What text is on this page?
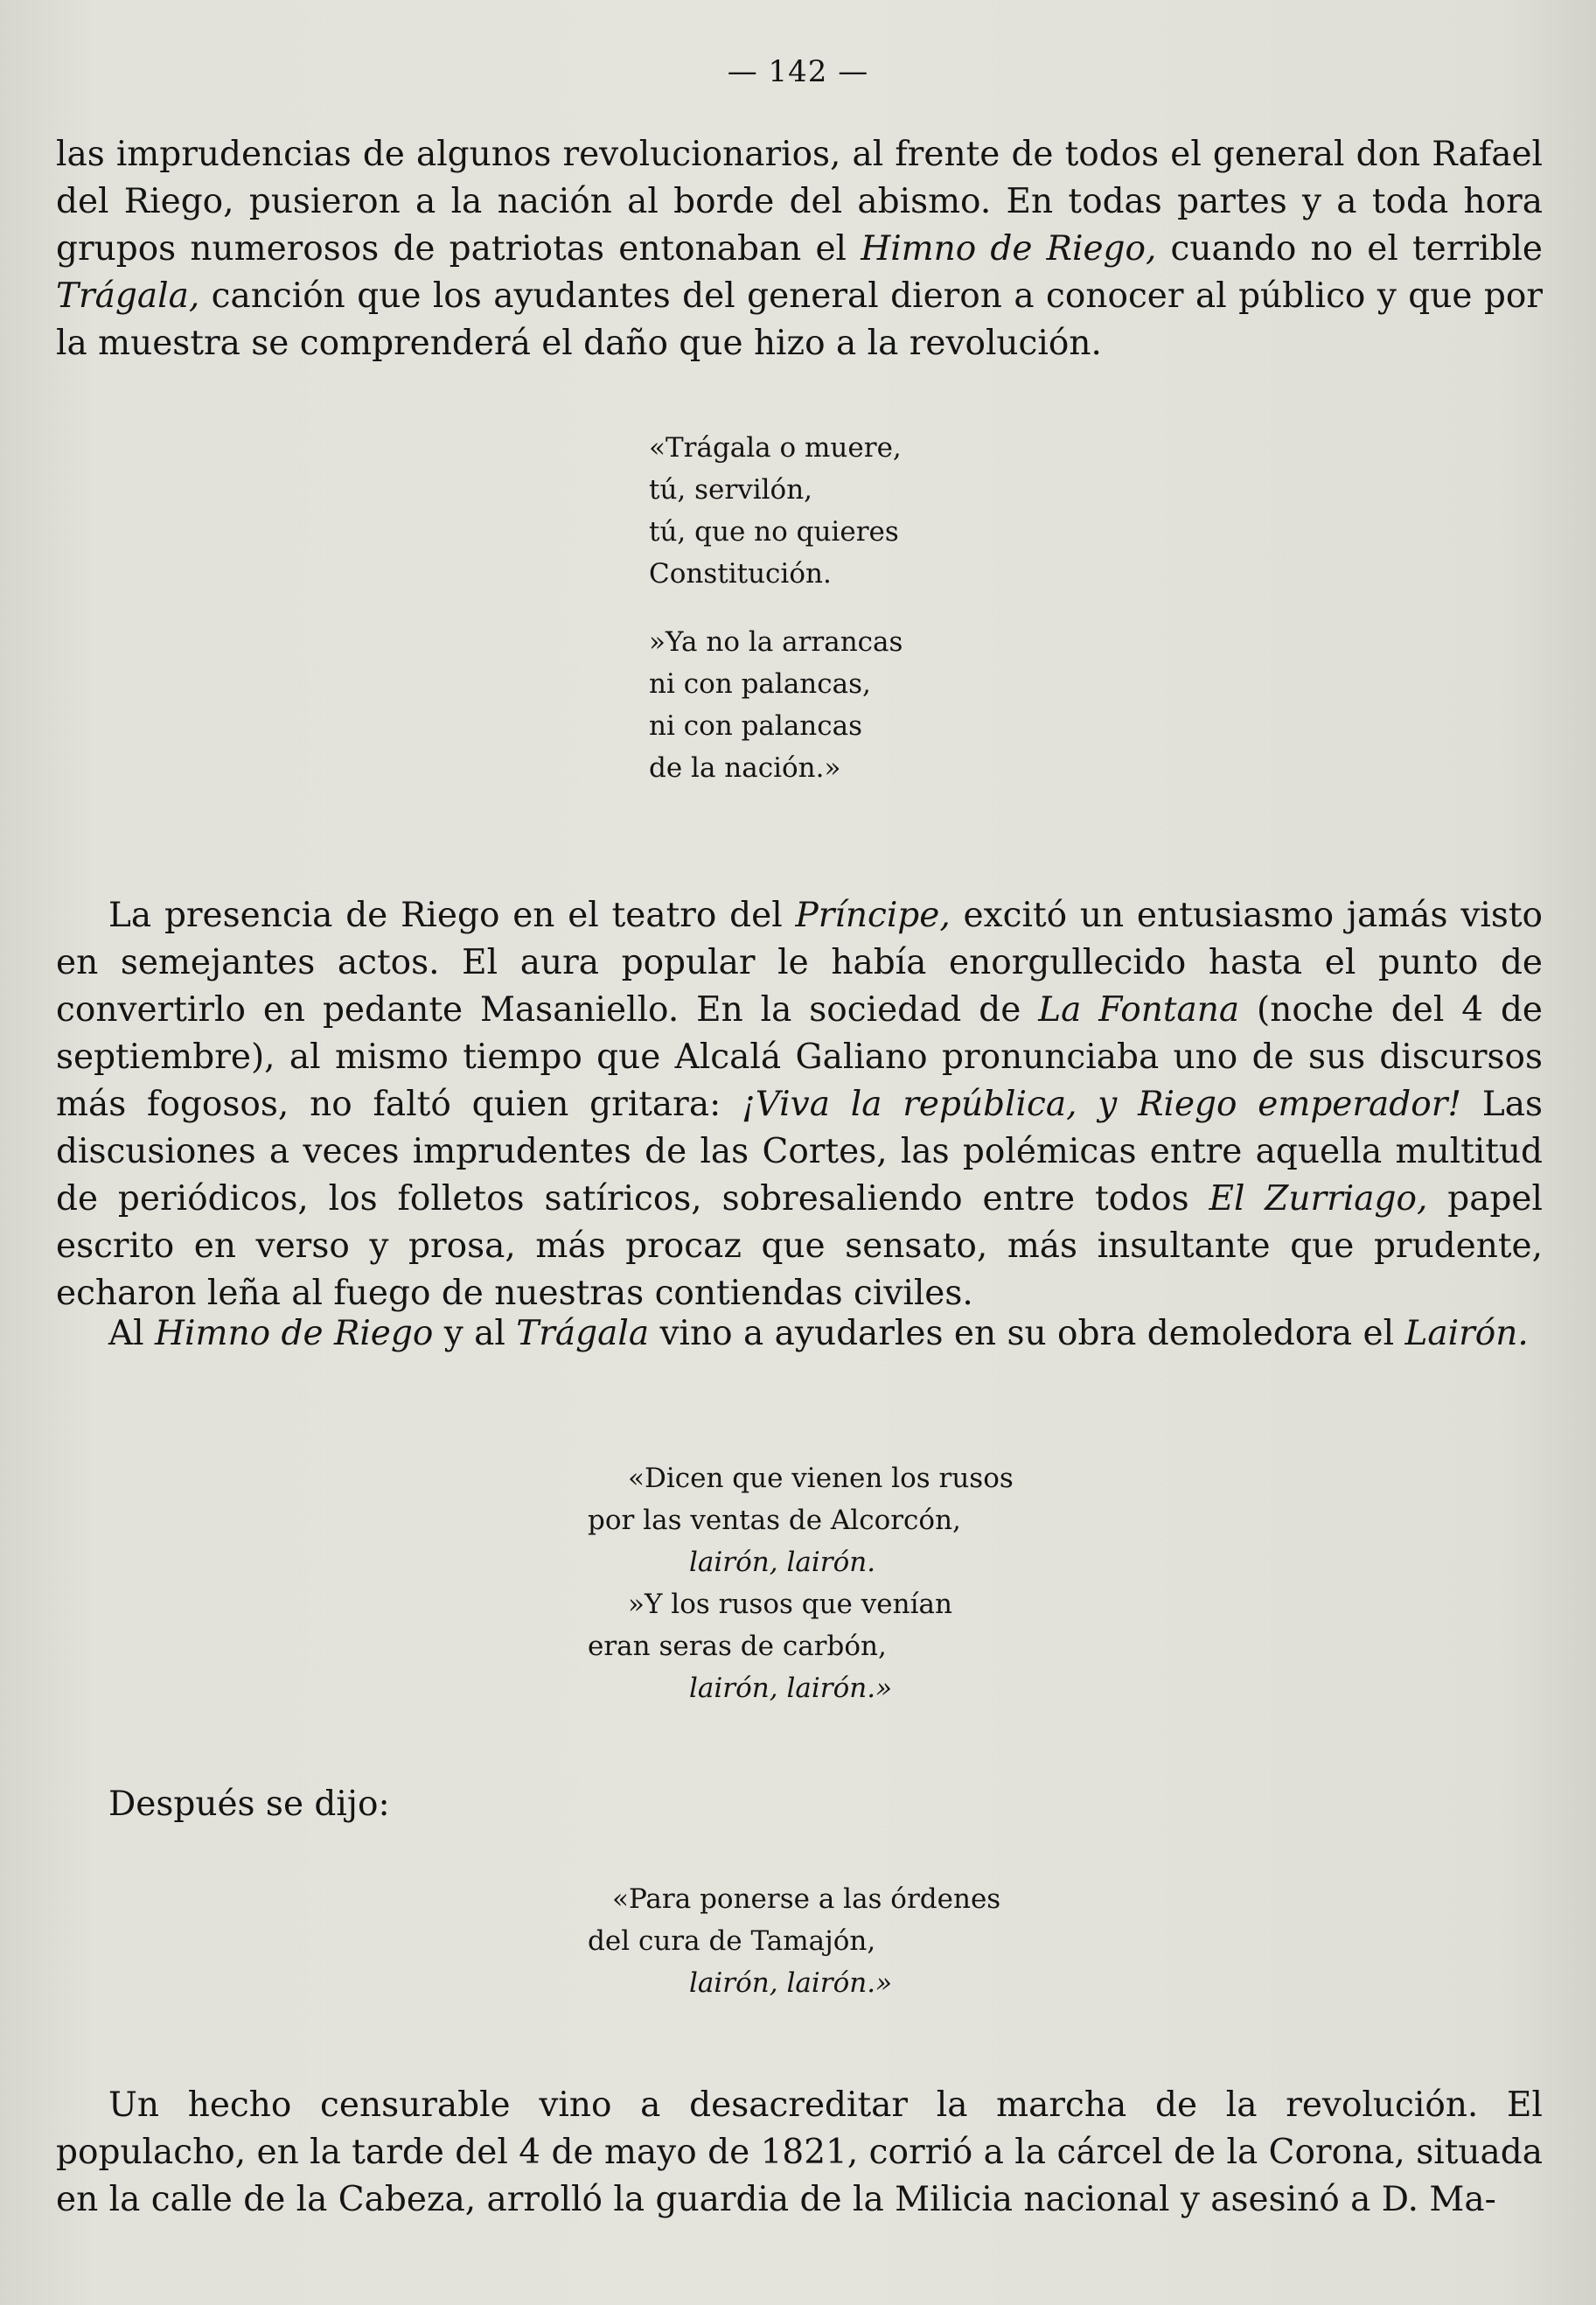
— 142 —

las imprudencias de algunos revolucionarios, al frente de todos el general don Rafael del Riego, pusieron a la nación al borde del abismo. En todas partes y a toda hora grupos numerosos de patriotas entonaban el Himno de Riego, cuando no el terrible Trágala, canción que los ayudantes del general dieron a conocer al público y que por la muestra se comprenderá el daño que hizo a la revolución.

«Trágala o muere,
tú, servilón,
tú, que no quieres
Constitución.
»Ya no la arrancas
ni con palancas,
ni con palancas
de la nación.»

La presencia de Riego en el teatro del Príncipe, excitó un entusiasmo jamás visto en semejantes actos. El aura popular le había enorgullecido hasta el punto de convertirlo en pedante Masaniello. En la sociedad de La Fontana (noche del 4 de septiembre), al mismo tiempo que Alcalá Galiano pronunciaba uno de sus discursos más fogosos, no faltó quien gritara: ¡Viva la república, y Riego emperador! Las discusiones a veces imprudentes de las Cortes, las polémicas entre aquella multitud de periódicos, los folletos satíricos, sobresaliendo entre todos El Zurriago, papel escrito en verso y prosa, más procaz que sensato, más insultante que prudente, echaron leña al fuego de nuestras contiendas civiles.

Al Himno de Riego y al Trágala vino a ayudarles en su obra demoledora el Lairón.

«Dicen que vienen los rusos
por las ventas de Alcorcón,
lairón, lairón.
»Y los rusos que venían
eran seras de carbón,
lairón, lairón.»

Después se dijo:

«Para ponerse a las órdenes
del cura de Tamajón,
lairón, lairón.»

Un hecho censurable vino a desacreditar la marcha de la revolución. El populacho, en la tarde del 4 de mayo de 1821, corrió a la cárcel de la Corona, situada en la calle de la Cabeza, arrolló la guardia de la Milicia nacional y asesinó a D. Ma-
